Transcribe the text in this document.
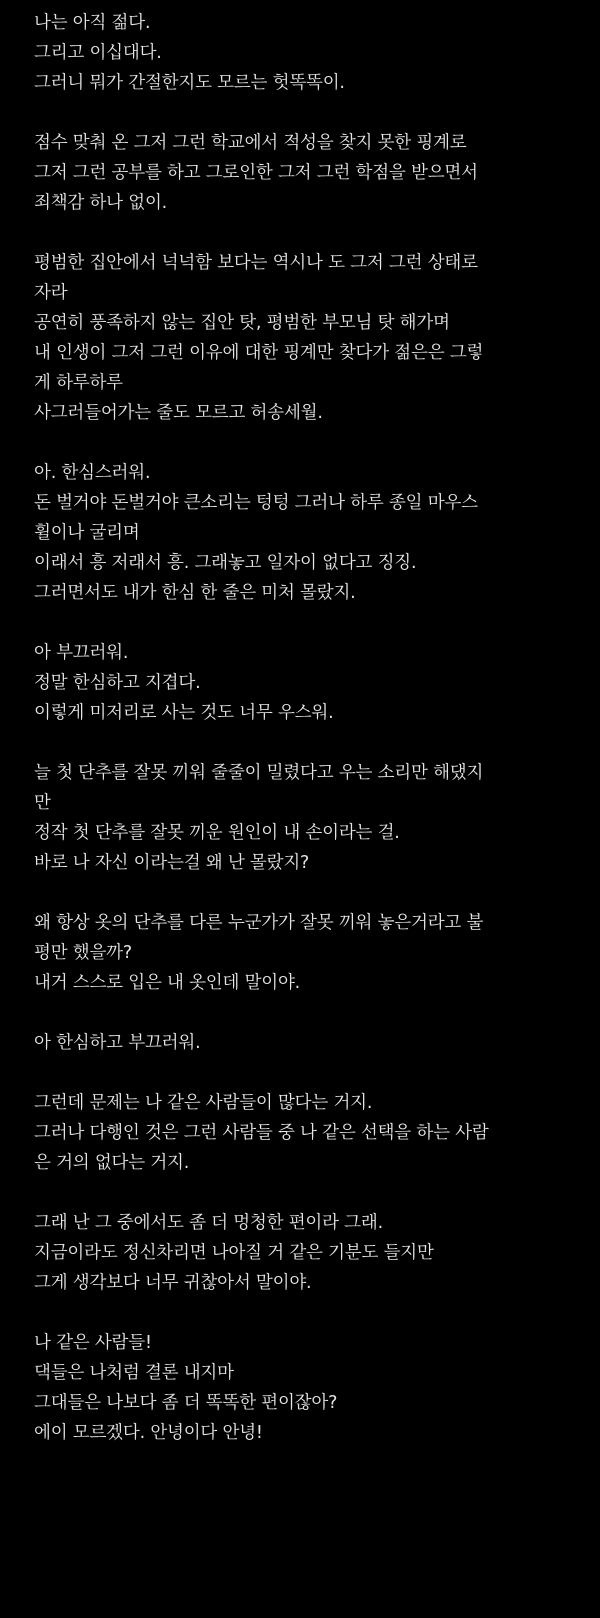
나는 아직 젊다.
그리고 이십대다.
그러니 뭐가 간절한지도 모르는 헛똑똑이.
점수 맞춰 온 그저 그런 학교에서 적성을 찾지 못한 핑계로
그저 그런 공부를 하고 그로인한 그저 그런 학점을 받으면서
죄책감 하나 없이.
평범한 집안에서 넉넉함 보다는 역시나 도 그저 그런 상태로
자라
공연히 풍족하지 않는 집안 탓, 평범한 부모님 탓 해가며
내 인생이 그저 그런 이유에 대한 핑계만 찾다가 젊은은 그렇
게 하루하루
사그러들어가는 줄도 모르고 허송세월.
아. 한심스러워.
돈 벌거야 돈벌거야 큰소리는 텅텅 그러나 하루 종일 마우스
휠이나 굴리며
이래서 흥 저래서 흥. 그래놓고 일자이 없다고 징징.
그러면서도 내가 한심 한 줄은 미처 몰랐지.
아 부끄러워.
정말 한심하고 지겹다.
이렇게 미저리로 사는 것도 너무 우스워.
늘 첫 단추를 잘못 끼워 줄줄이 밀렸다고 우는 소리만 해댔지
만
정작 첫 단추를 잘못 끼운 원인이 내 손이라는 걸.
바로 나 자신 이라는걸 왜 난 몰랐지?
왜 항상 옷의 단추를 다른 누군가가 잘못 끼워 놓은거라고 불
평만 했을까?
내거 스스로 입은 내 옷인데 말이야.
아 한심하고 부끄러워.
그런데 문제는 나 같은 사람들이 많다는 거지.
그러나 다행인 것은 그런 사람들 중 나 같은 선택을 하는 사람
은 거의 없다는 거지.
그래 난 그 중에서도 좀 더 멍청한 편이라 그래.
지금이라도 정신차리면 나아질 거 같은 기분도 들지만
그게 생각보다 너무 귀찮아서 말이야.
나 같은 사람들!
댁들은 나처럼 결론 내지마
그대들은 나보다 좀 더 똑똑한 편이잖아?
에이 모르겠다. 안녕이다 안녕!
